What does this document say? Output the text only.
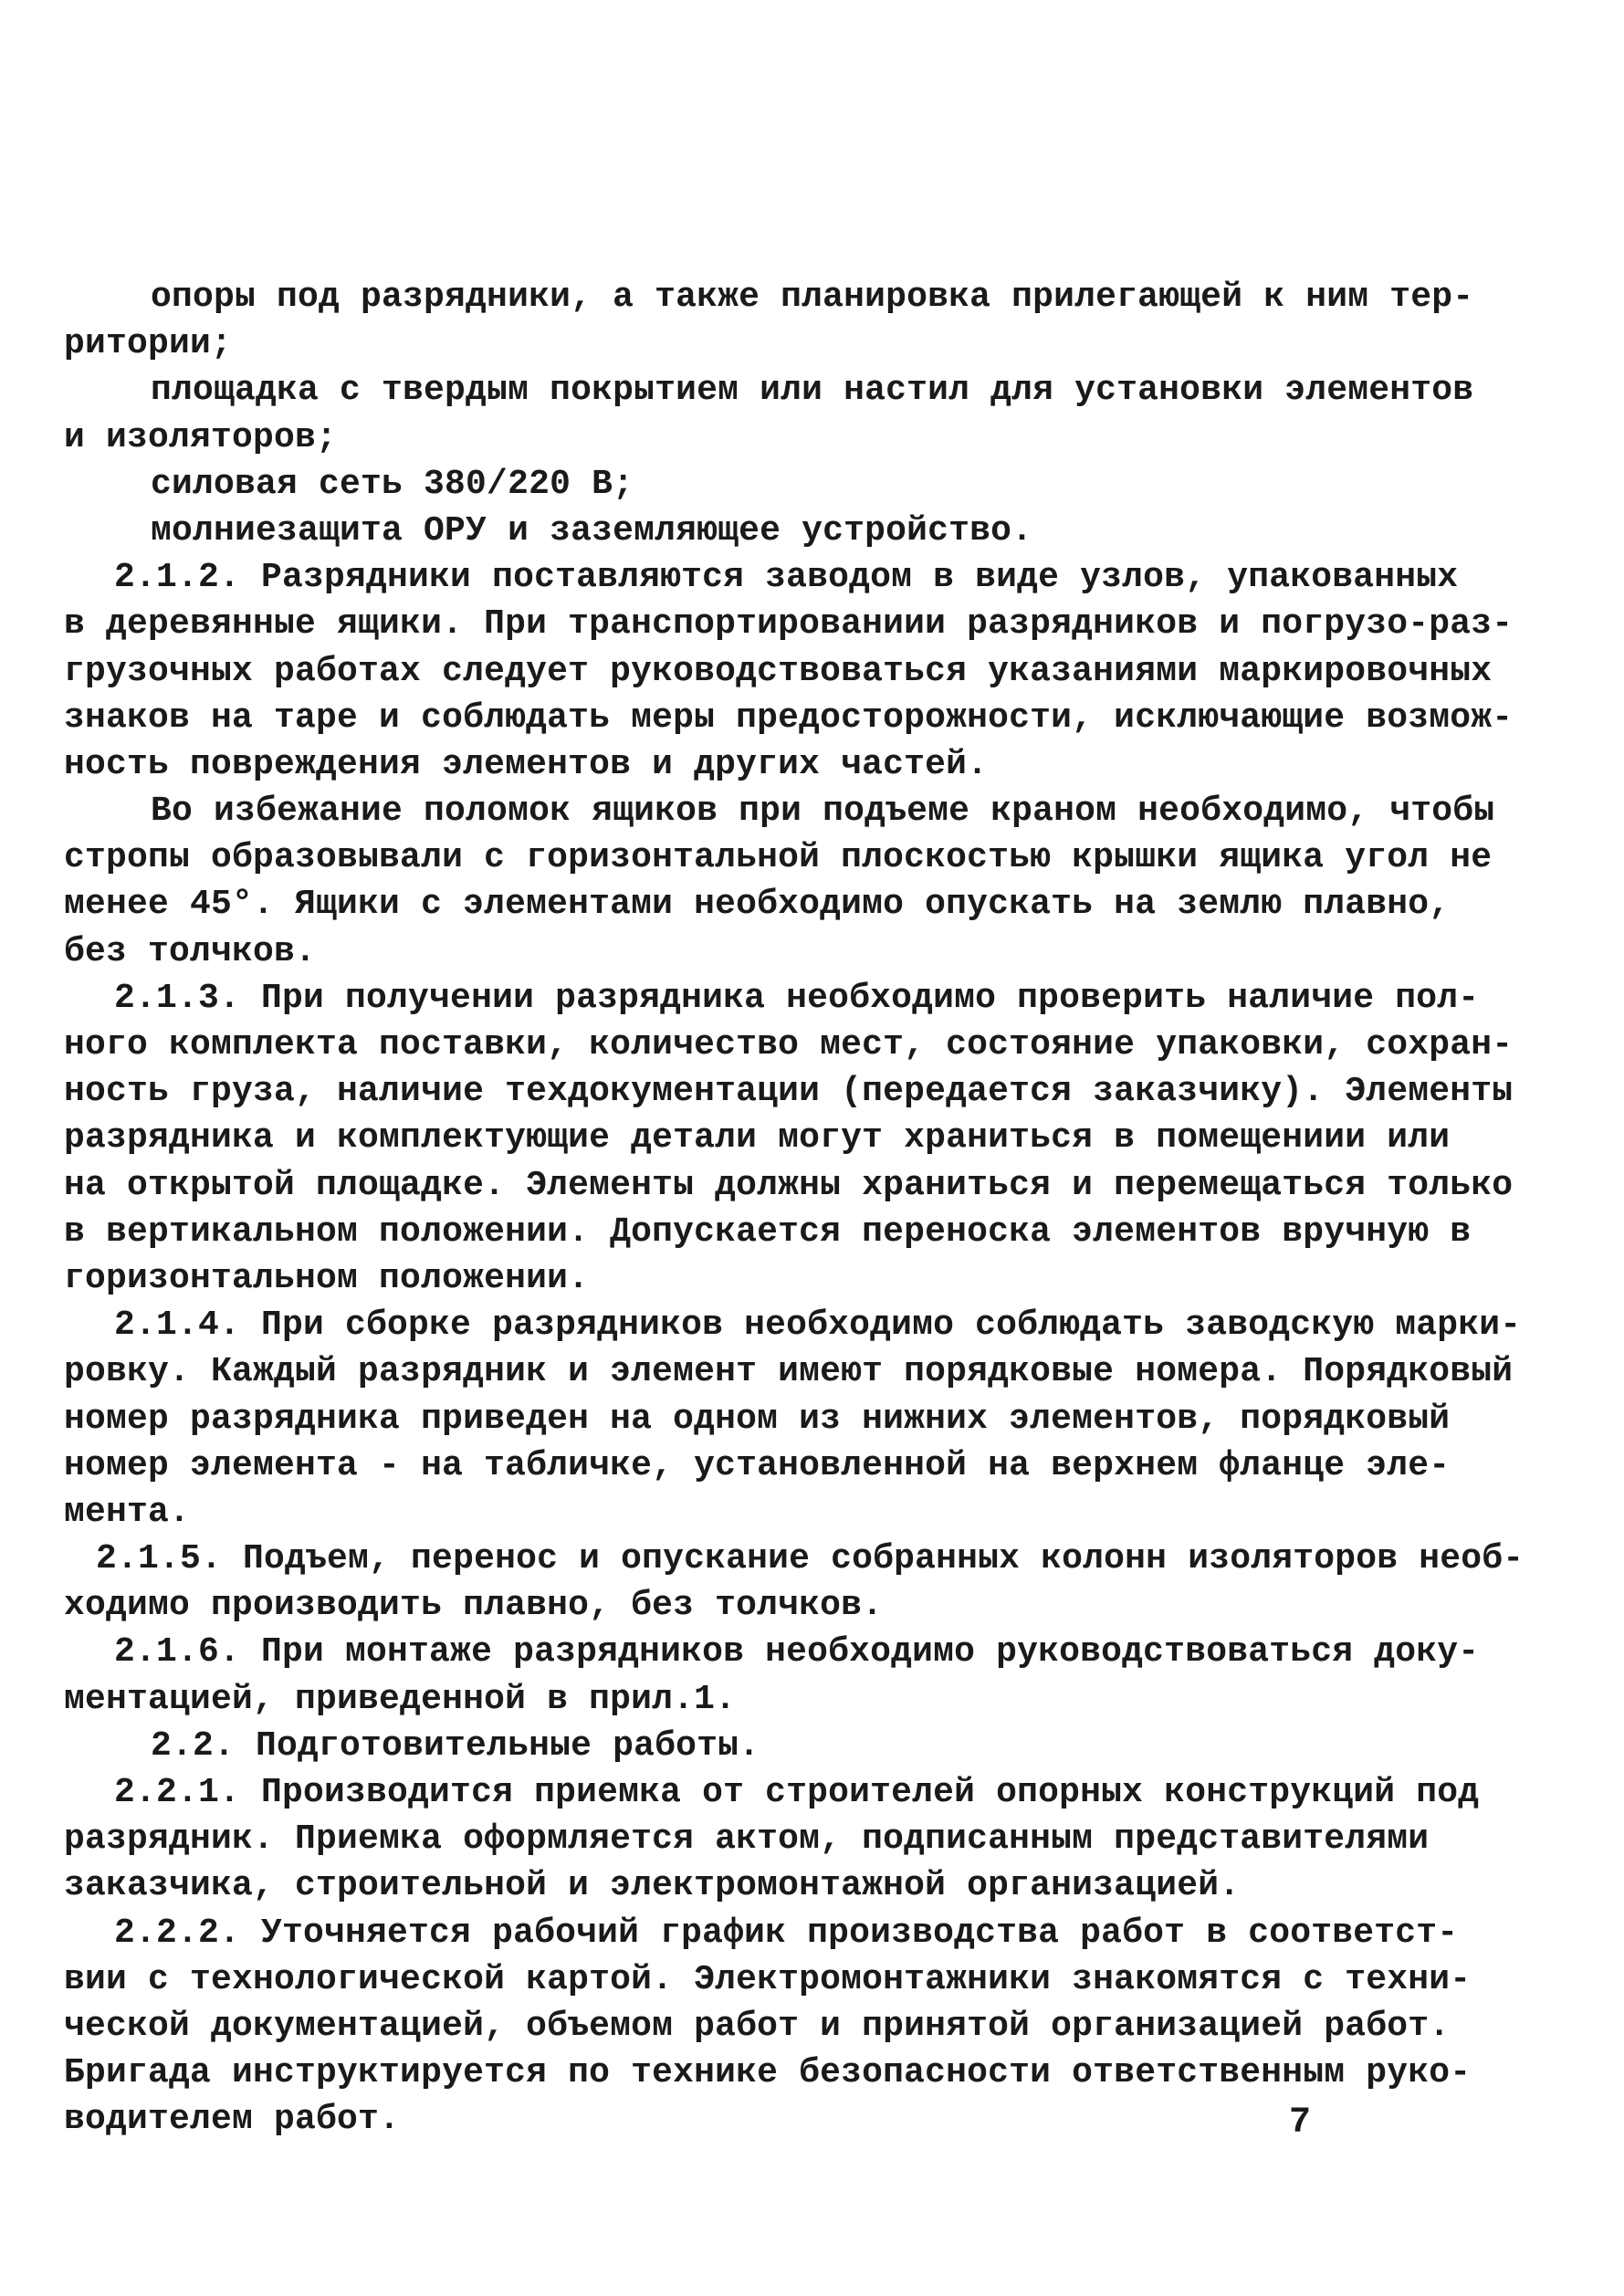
опоры под разрядники, а также планировка прилегающей к ним тер-
ритории;
площадка с твердым покрытием или настил для установки элементов
и изоляторов;
силовая сеть 380/220 В;
молниезащита ОРУ и заземляющее устройство.
2.1.2. Разрядники поставляются заводом в виде узлов, упакованных
в деревянные ящики. При транспортированиии разрядников и погрузо-раз-
грузочных работах следует руководствоваться указаниями маркировочных
знаков на таре и соблюдать меры предосторожности, исключающие возмож-
ность повреждения элементов и других частей.
Во избежание поломок ящиков при подъеме краном необходимо, чтобы
стропы образовывали с горизонтальной плоскостью крышки ящика угол не
менее 45°. Ящики с элементами необходимо опускать на землю плавно,
без толчков.
2.1.3. При получении разрядника необходимо проверить наличие пол-
ного комплекта поставки, количество мест, состояние упаковки, сохран-
ность груза, наличие техдокументации (передается заказчику). Элементы
разрядника и комплектующие детали могут храниться в помещениии или
на открытой площадке. Элементы должны храниться и перемещаться только
в вертикальном положении. Допускается переноска элементов вручную в
горизонтальном положении.
2.1.4. При сборке разрядников необходимо соблюдать заводскую марки-
ровку. Каждый разрядник и элемент имеют порядковые номера. Порядковый
номер разрядника приведен на одном из нижних элементов, порядковый
номер элемента - на табличке, установленной на верхнем фланце эле-
мента.
2.1.5. Подъем, перенос и опускание собранных колонн изоляторов необ-
ходимо производить плавно, без толчков.
2.1.6. При монтаже разрядников необходимо руководствоваться доку-
ментацией, приведенной в прил.1.
2.2. Подготовительные работы.
2.2.1. Производится приемка от строителей опорных конструкций под
разрядник. Приемка оформляется актом, подписанным представителями
заказчика, строительной и электромонтажной организацией.
2.2.2. Уточняется рабочий график производства работ в соответст-
вии с технологической картой. Электромонтажники знакомятся с техни-
ческой документацией, объемом работ и принятой организацией работ.
Бригада инструктируется по технике безопасности ответственным руко-
водителем работ.	7
